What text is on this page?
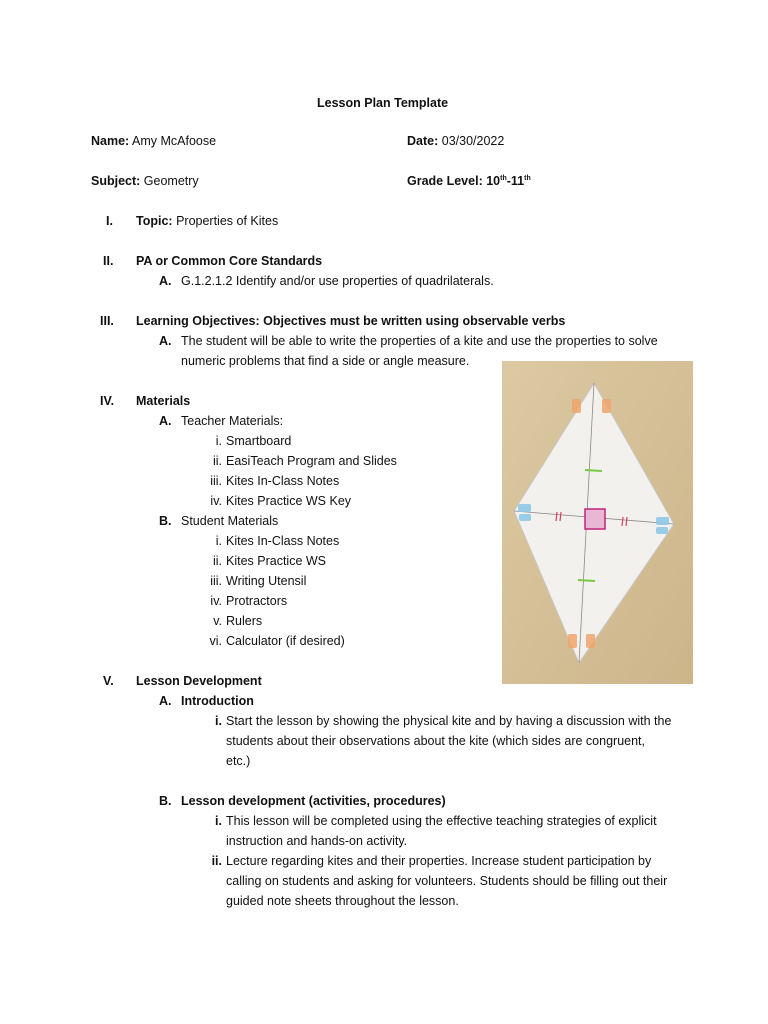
Lesson Plan Template
Name: Amy McAfoose	Date: 03/30/2022
Subject: Geometry	Grade Level: 10th-11th
I. Topic: Properties of Kites
II. PA or Common Core Standards
A. G.1.2.1.2 Identify and/or use properties of quadrilaterals.
III. Learning Objectives: Objectives must be written using observable verbs
A. The student will be able to write the properties of a kite and use the properties to solve
numeric problems that find a side or angle measure.
IV. Materials
A. Teacher Materials:
i. Smartboard
ii. EasiTeach Program and Slides
iii. Kites In-Class Notes
iv. Kites Practice WS Key
B. Student Materials
i. Kites In-Class Notes
ii. Kites Practice WS
iii. Writing Utensil
iv. Protractors
v. Rulers
vi. Calculator (if desired)
V. Lesson Development
A. Introduction
i. Start the lesson by showing the physical kite and by having a discussion with the
students about their observations about the kite (which sides are congruent,
etc.)
B. Lesson development (activities, procedures)
i. This lesson will be completed using the effective teaching strategies of explicit
instruction and hands-on activity.
ii. Lecture regarding kites and their properties. Increase student participation by
calling on students and asking for volunteers. Students should be filling out their
guided note sheets throughout the lesson.
